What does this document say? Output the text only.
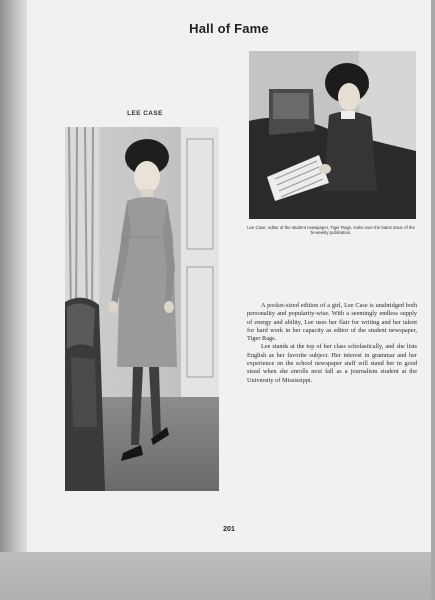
Hall of Fame
LEE CASE
Lee Case, editor of the student newspaper, Tiger Rags, looks over the latest issue of the bi-weekly publication.

A pocket-sized edition of a girl, Lee Case is unabridged both personality and popularity-wise. With a seemingly endless supply of energy and ability, Lee uses her flair for writing and her talent for hard work in her capacity as editor of the student newspaper, Tiger Rags.

Lee stands at the top of her class scholastically, and she lists English as her favorite subject. Her interest in grammar and her experience on the school newspaper staff will stand her in good stead when she enrolls next fall as a journalism student at the University of Mississippi.

201
